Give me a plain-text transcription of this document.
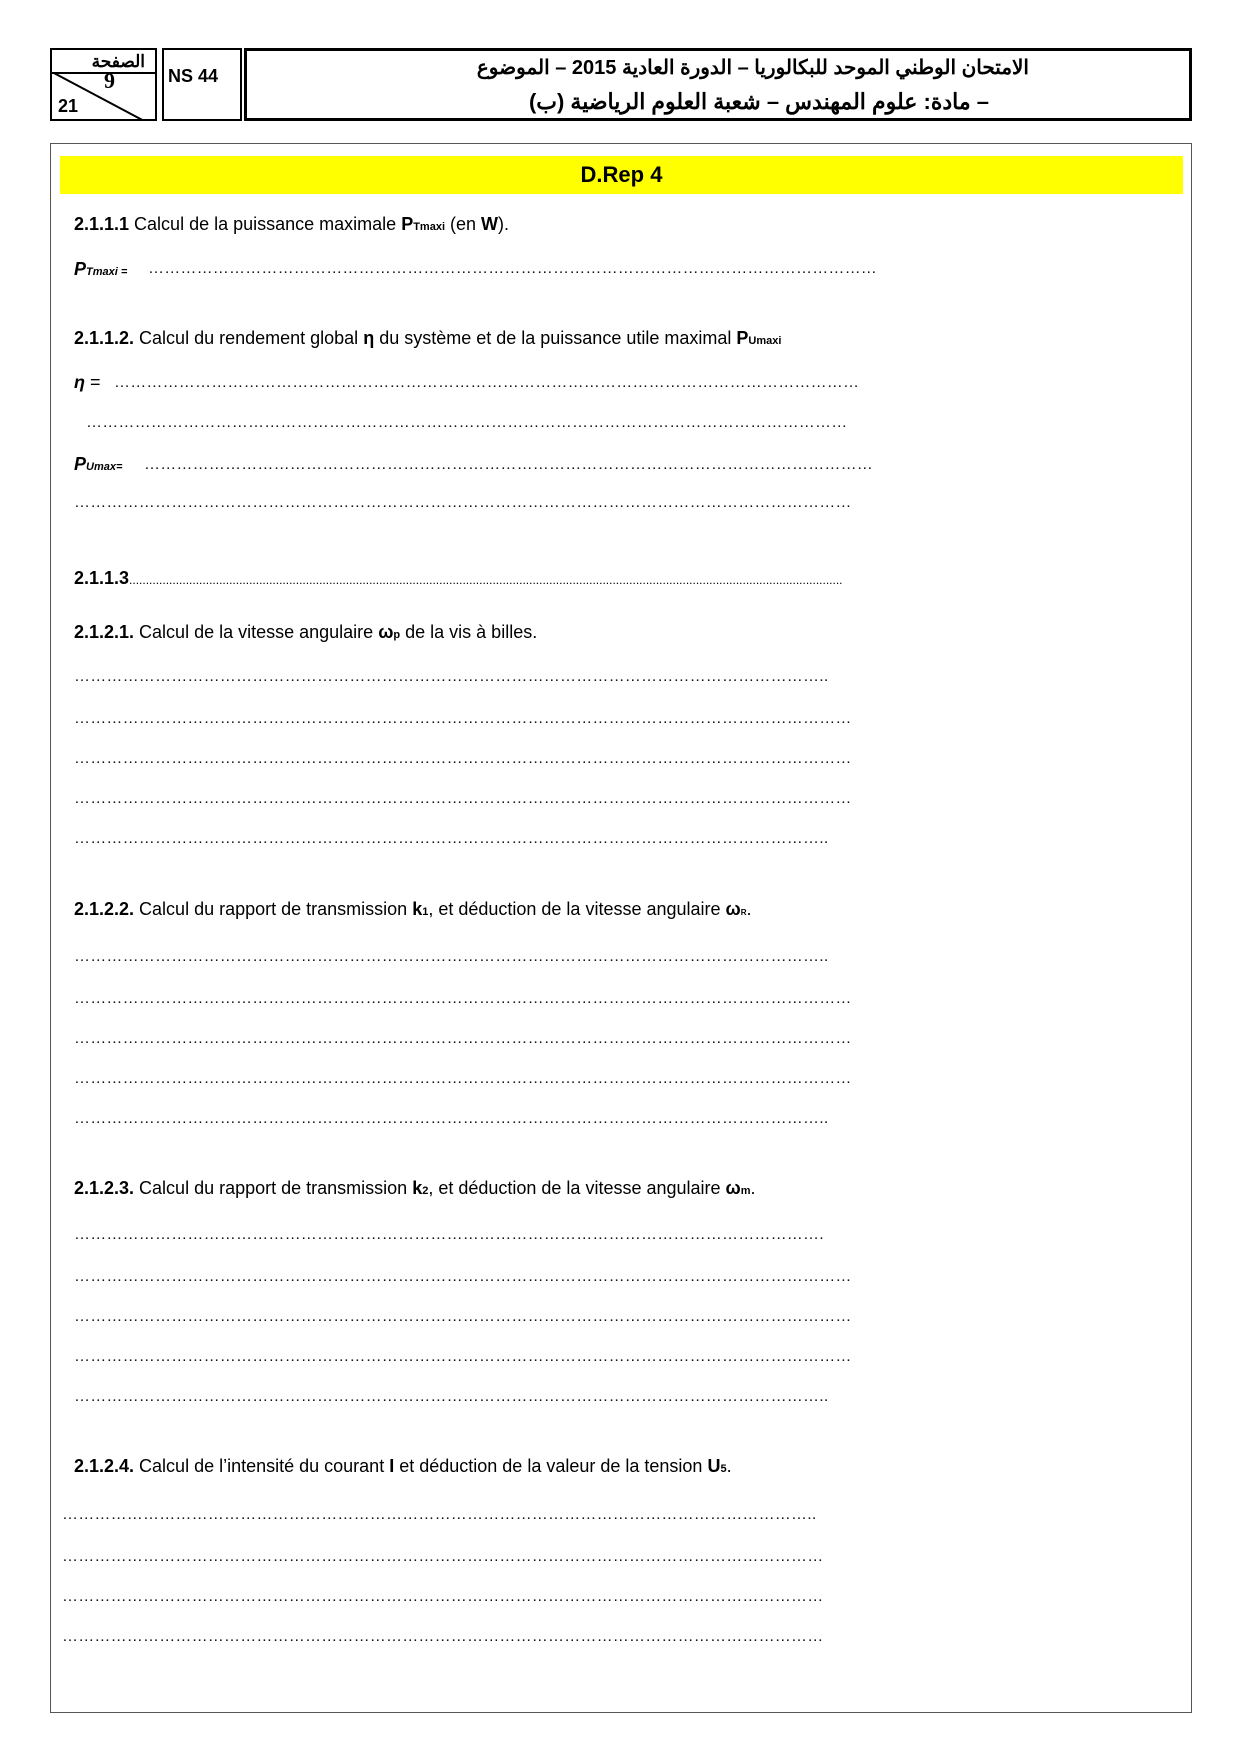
الصفحة
9
21
NS 44	الامتحان الوطني الموحد للبكالوريا – الدورة العادية 2015 – الموضوع
– مادة: علوم المهندس – شعبة العلوم الرياضية (ب)
D.Rep 4
2.1.1.1 Calcul de la puissance maximale PTmaxi (en W).
PTmaxi = ………………………………………………………………………………………………………………………
2.1.1.2. Calcul du rendement global η du système et de la puissance utile maximal PUmaxi
η = …………………………………………………………………………………………………………………………
……………………………………………………………………………………………………………………………
PUmax= ………………………………………………………………………………………………………………………
………………………………………………………………………………………………………………………………
2.1.1.3......................................................................................................................................................................................................................
2.1.2.1. Calcul de la vitesse angulaire ωp de la vis à billes.
…………………………………………………………………………………………………………………………..
………………………………………………………………………………………………………………………………
………………………………………………………………………………………………………………………………
………………………………………………………………………………………………………………………………
…………………………………………………………………………………………………………………………..
2.1.2.2. Calcul du rapport de transmission k1, et déduction de la vitesse angulaire ωR.
…………………………………………………………………………………………………………………………..
………………………………………………………………………………………………………………………………
………………………………………………………………………………………………………………………………
………………………………………………………………………………………………………………………………
…………………………………………………………………………………………………………………………..
2.1.2.3. Calcul du rapport de transmission k2, et déduction de la vitesse angulaire ωm.
………………………………………………………………………………………………………………………….
………………………………………………………………………………………………………………………………
………………………………………………………………………………………………………………………………
………………………………………………………………………………………………………………………………
…………………………………………………………………………………………………………………………..
2.1.2.4. Calcul de l’intensité du courant I et déduction de la valeur de la tension U5.
…………………………………………………………………………………………………………………………..
……………………………………………………………………………………………………………………………
……………………………………………………………………………………………………………………………
……………………………………………………………………………………………………………………………
